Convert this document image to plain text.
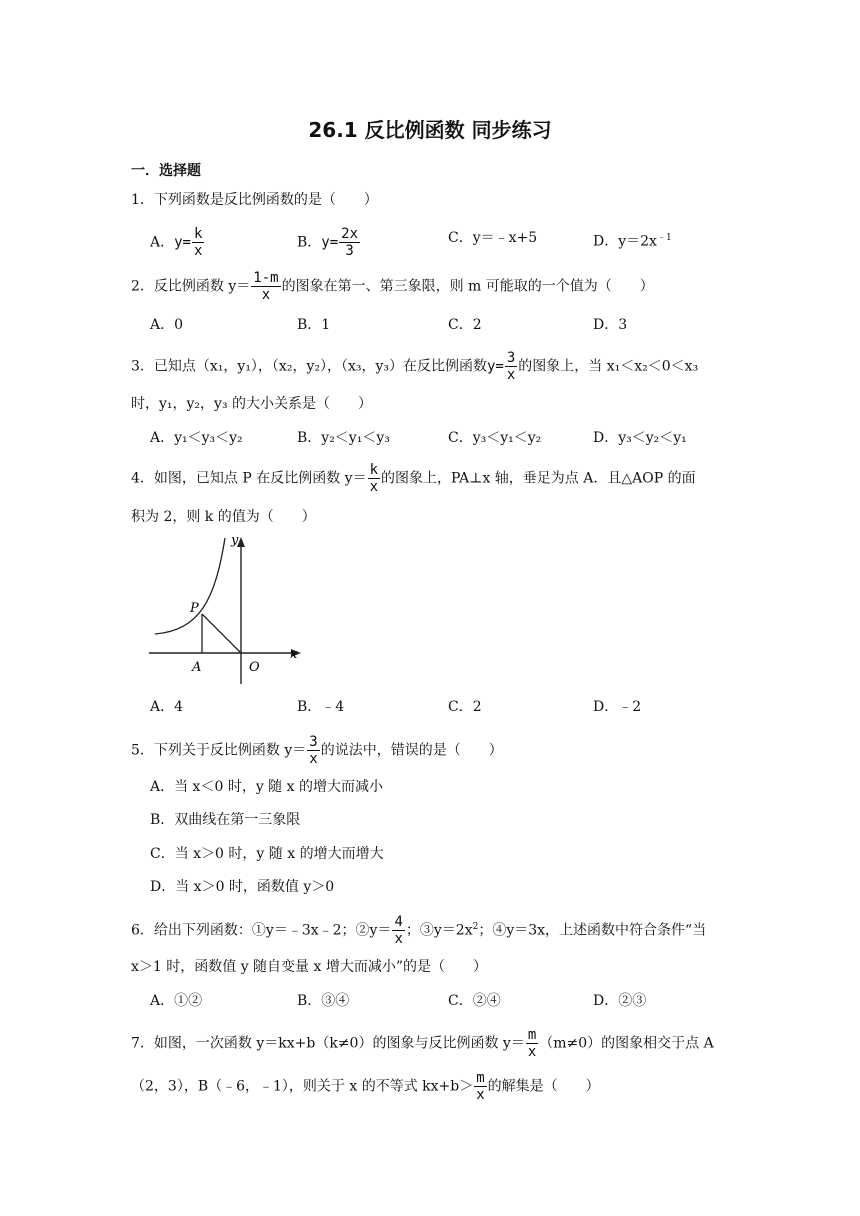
26.1 反比例函数 同步练习
一．选择题
1．下列函数是反比例函数的是（　　）
A．$y= \frac{k}{x}$	B．$y= \frac{2x}{3}$	C．y＝﹣x+5	D．$y=2x^{﹣1}$
2．反比例函数 $y= \frac{1-m}{x}$ 的图象在第一、第三象限，则 m 可能取的一个值为（　　）
A．0	B．1	C．2	D．3
3．已知点（x₁，y₁），（x₂，y₂），（x₃，y₃）在反比例函数$y= \frac{3}{x}$ 的图象上，当 x₁＜x₂＜0＜x₃
时，y₁，y₂，y₃ 的大小关系是（　　）
A．y₁＜y₃＜y₂	B．y₂＜y₁＜y₃	C．y₃＜y₁＜y₂	D．y₃＜y₂＜y₁
4．如图，已知点 P 在反比例函数 $y= \frac{k}{x}$ 的图象上，PA⊥x 轴，垂足为点 A．且△AOP 的面
积为 2，则 k 的值为（　　）
P
A	O
x
y
A．4	B．﹣4	C．2	D．﹣2
5．下列关于反比例函数 $y= \frac{3}{x}$ 的说法中，错误的是（　　）
A．当 x＜0 时，y 随 x 的增大而减小
B．双曲线在第一三象限
C．当 x＞0 时，y 随 x 的增大而增大
D．当 x＞0 时，函数值 y＞0
6．给出下列函数：①y＝﹣3x﹣2；②y＝ $\frac{4}{x}$ ；$③y=2x^2$；④y＝3x，上述函数中符合条件“当
x＞1 时，函数值 y 随自变量 x 增大而减小”的是（　　）
A．①②	B．③④	C．②④	D．②③
7．如图，一次函数 y＝kx+b（k≠0）的图象与反比例函数 $y= \frac{m}{x} (m\ne 0)$的图象相交于点 A
（2，3），B（﹣6，﹣1），则关于 x 的不等式 $kx+b> \frac{m}{x}$ 的解集是（　　）
